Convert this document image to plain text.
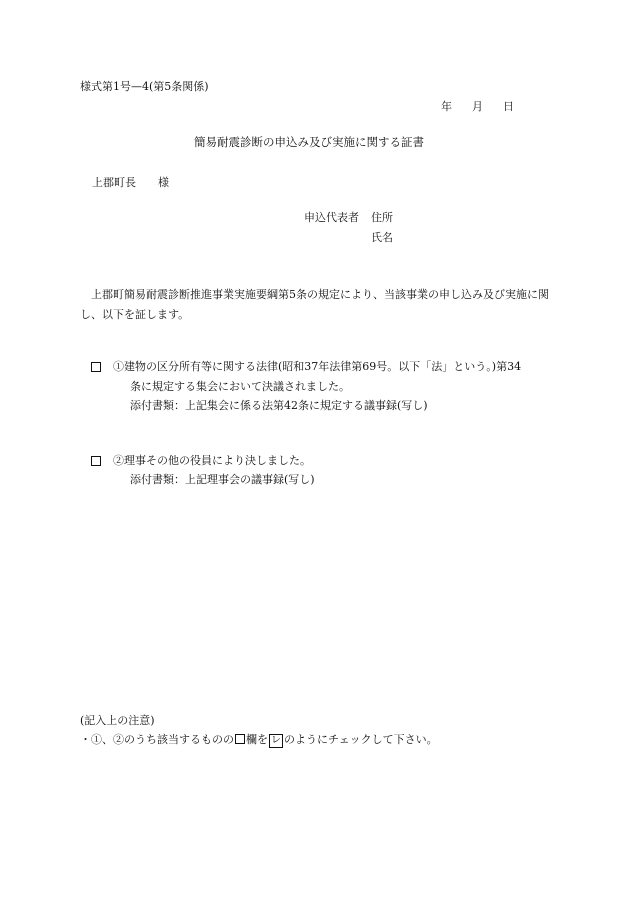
様式第1号—4(第5条関係)
年 月 日
簡易耐震診断の申込み及び実施に関する証書
上郡町長 様
申込代表者 住所
氏名
上郡町簡易耐震診断推進事業実施要綱第5条の規定により、当該事業の申し込み及び実施に関し、以下を証します。
①建物の区分所有等に関する法律(昭和37年法律第69号。以下「法」という。)第34
条に規定する集会において決議されました。
添付書類：上記集会に係る法第42条に規定する議事録(写し)
②理事その他の役員により決しました。
添付書類：上記理事会の議事録(写し)
(記入上の注意)
・①、②のうち該当するものの 欄を レ のようにチェックして下さい。
